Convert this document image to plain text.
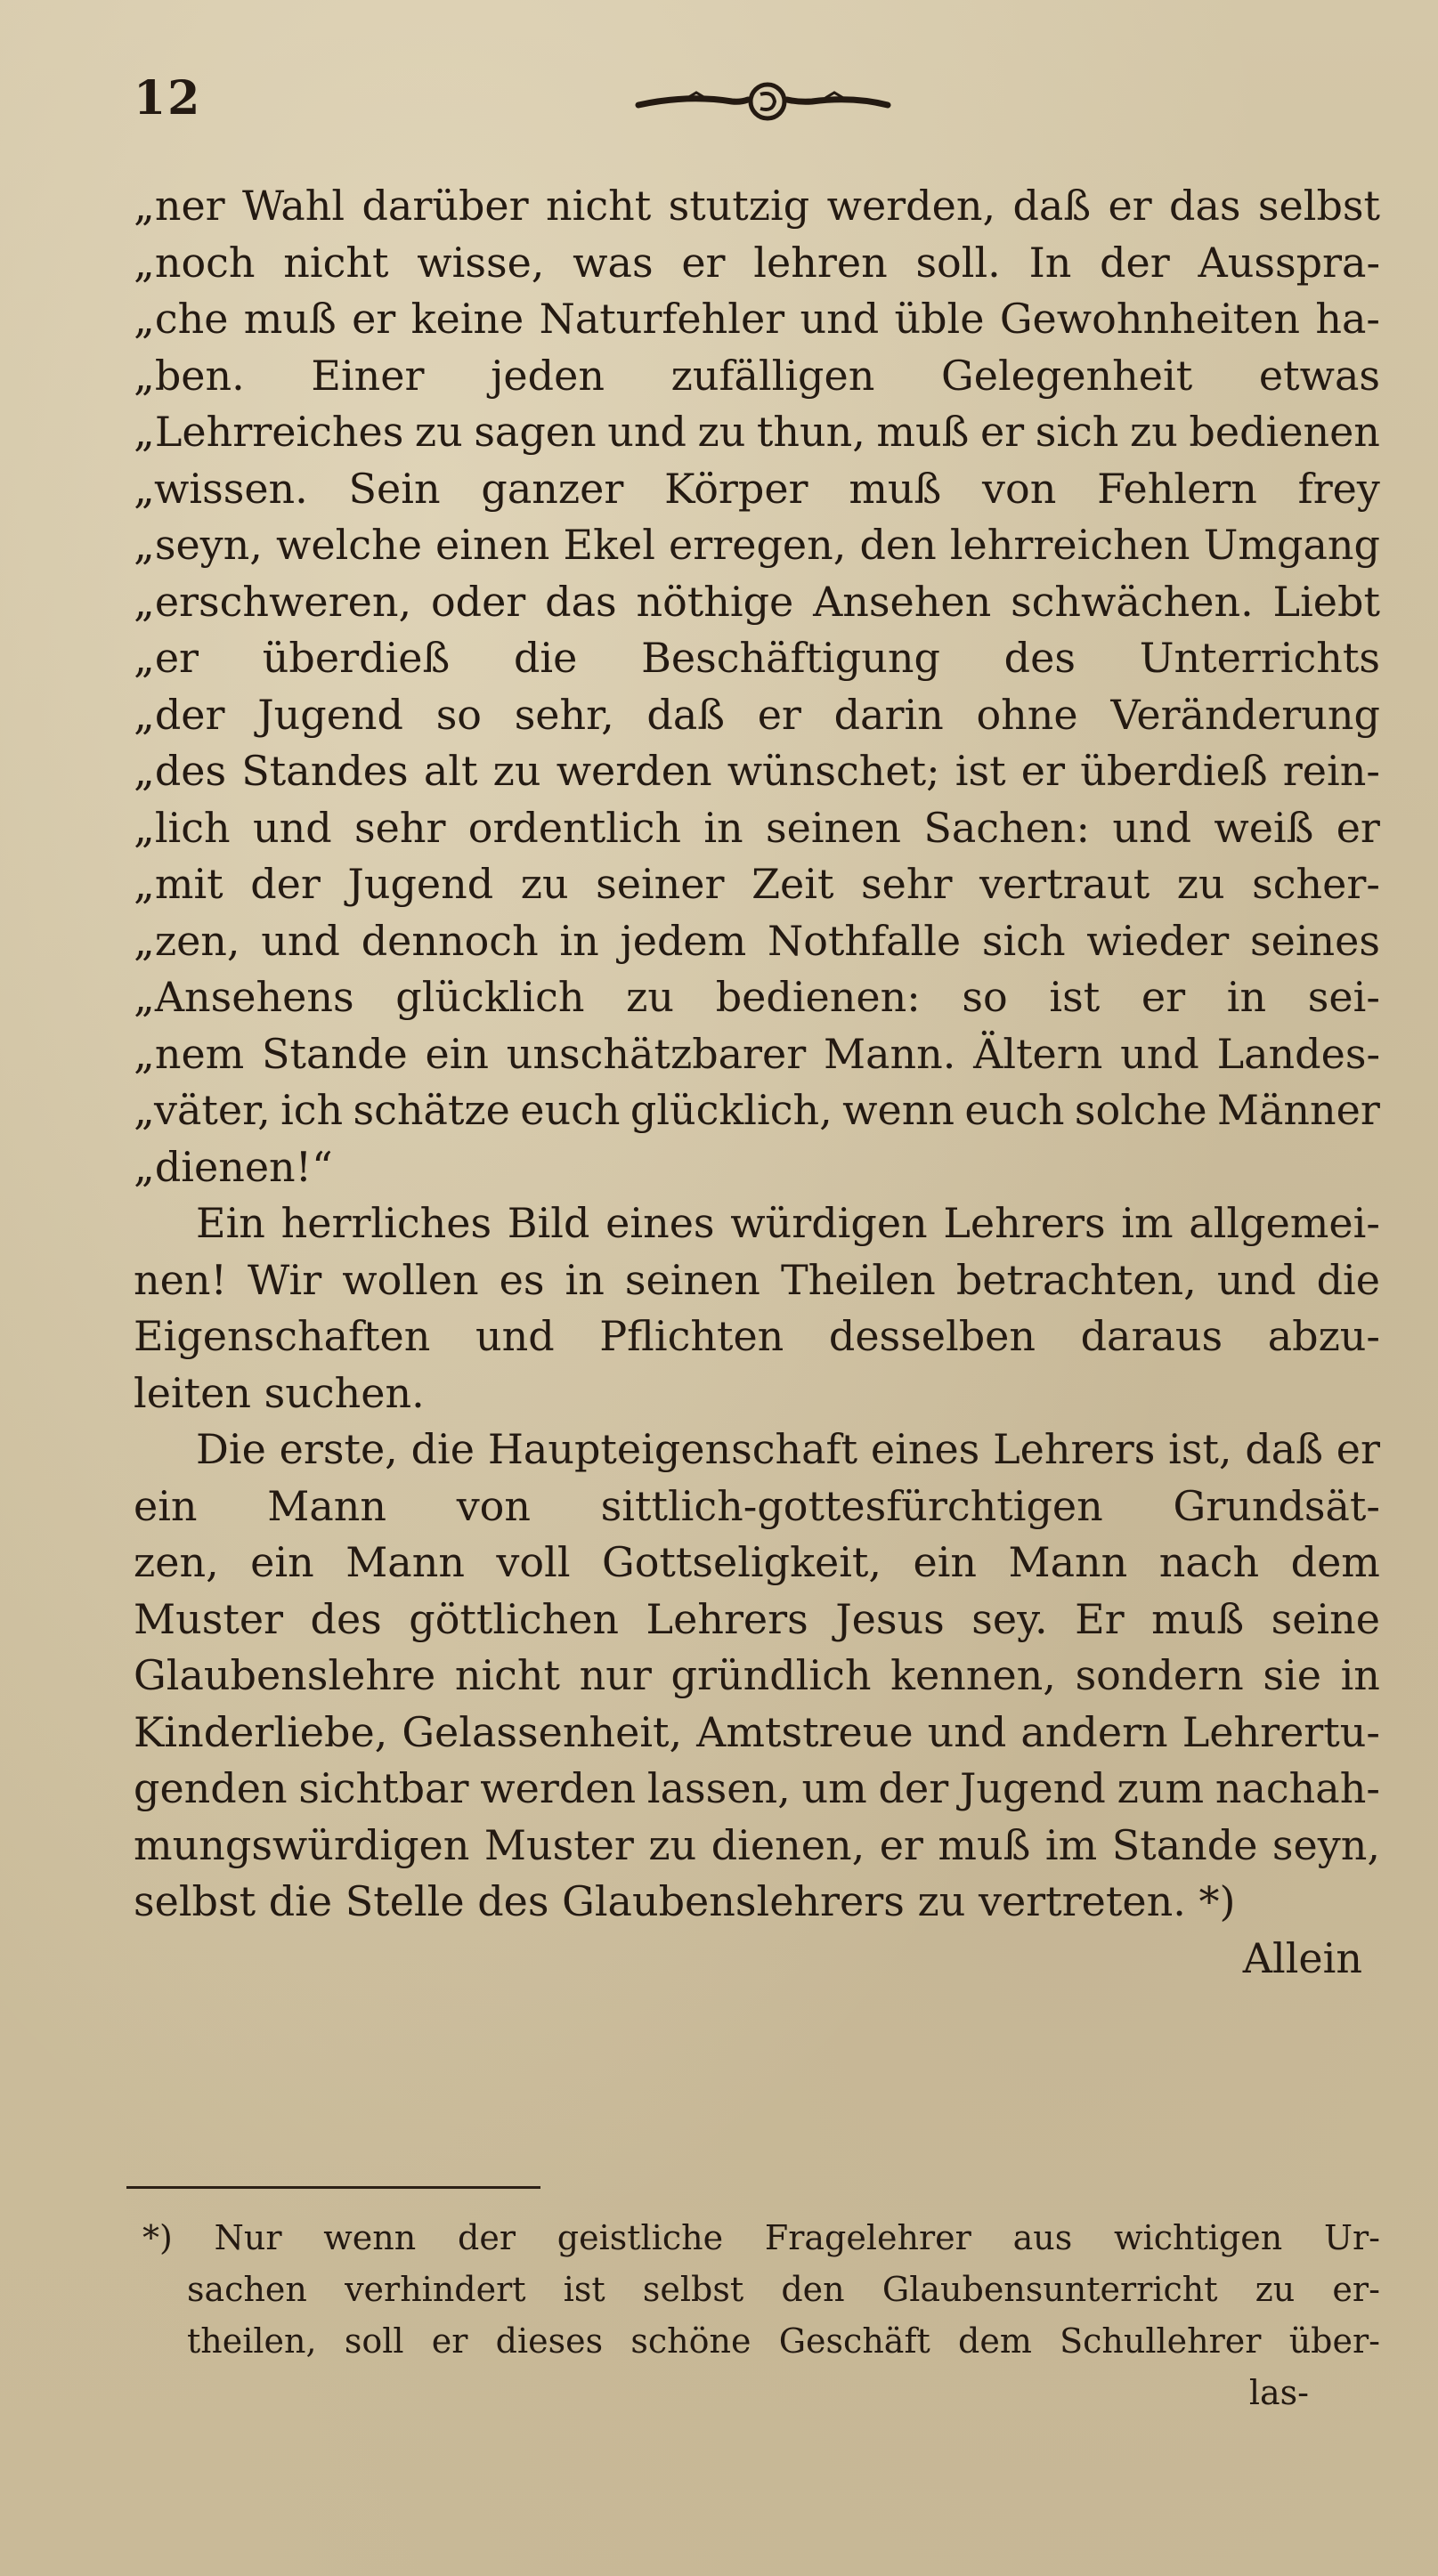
12
„ner Wahl darüber nicht stutzig werden, daß er das selbst
„noch nicht wisse, was er lehren soll. In der Ausspra-
„che muß er keine Naturfehler und üble Gewohnheiten ha-
„ben. Einer jeden zufälligen Gelegenheit etwas
„Lehrreiches zu sagen und zu thun, muß er sich zu bedienen
„wissen. Sein ganzer Körper muß von Fehlern frey
„seyn, welche einen Ekel erregen, den lehrreichen Umgang
„erschweren, oder das nöthige Ansehen schwächen. Liebt
„er überdieß die Beschäftigung des Unterrichts
„der Jugend so sehr, daß er darin ohne Veränderung
„des Standes alt zu werden wünschet; ist er überdieß rein-
„lich und sehr ordentlich in seinen Sachen: und weiß er
„mit der Jugend zu seiner Zeit sehr vertraut zu scher-
„zen, und dennoch in jedem Nothfalle sich wieder seines
„Ansehens glücklich zu bedienen: so ist er in sei-
„nem Stande ein unschätzbarer Mann. Ältern und Landes-
„väter, ich schätze euch glücklich, wenn euch solche Männer
„dienen!“
Ein herrliches Bild eines würdigen Lehrers im allgemei-
nen! Wir wollen es in seinen Theilen betrachten, und die
Eigenschaften und Pflichten desselben daraus abzu-
leiten suchen.
Die erste, die Haupteigenschaft eines Lehrers ist, daß er
ein Mann von sittlich-gottesfürchtigen Grundsät-
zen, ein Mann voll Gottseligkeit, ein Mann nach dem
Muster des göttlichen Lehrers Jesus sey. Er muß seine
Glaubenslehre nicht nur gründlich kennen, sondern sie in
Kinderliebe, Gelassenheit, Amtstreue und andern Lehrertu-
genden sichtbar werden lassen, um der Jugend zum nachah-
mungswürdigen Muster zu dienen, er muß im Stande seyn,
selbst die Stelle des Glaubenslehrers zu vertreten. *)
Allein
*) Nur wenn der geistliche Fragelehrer aus wichtigen Ur-
sachen verhindert ist selbst den Glaubensunterricht zu er-
theilen, soll er dieses schöne Geschäft dem Schullehrer über-
las-
